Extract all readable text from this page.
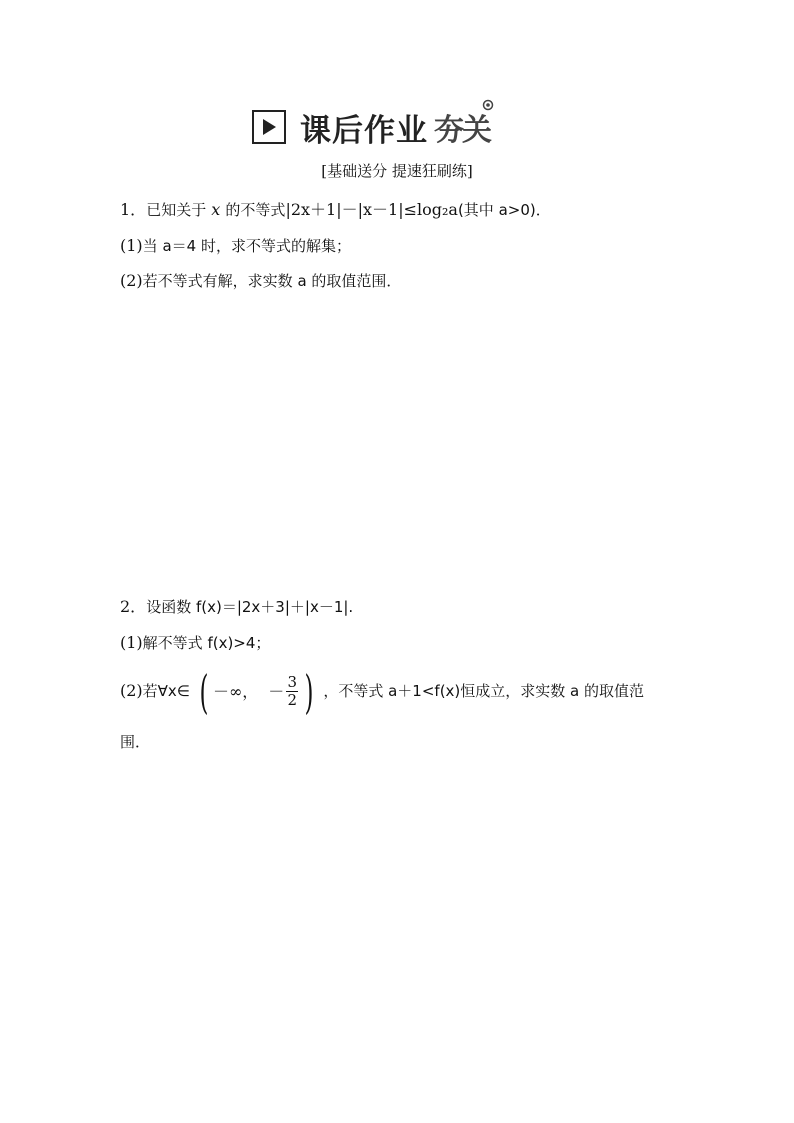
课后作业 夯关
[基础送分 提速狂刷练]
1．已知关于 x 的不等式|2x＋1|－|x－1|≤log₂a(其中 a>0)．
(1)当 a＝4 时，求不等式的解集；
(2)若不等式有解，求实数 a 的取值范围．
2．设函数 f(x)＝|2x＋3|＋|x－1|.
(1)解不等式 f(x)>4；
(2)若∀x∈ ( －∞， － $\frac{3}{2}$ ) ，不等式 a＋1<f(x)恒成立，求实数 a 的取值范
围．
